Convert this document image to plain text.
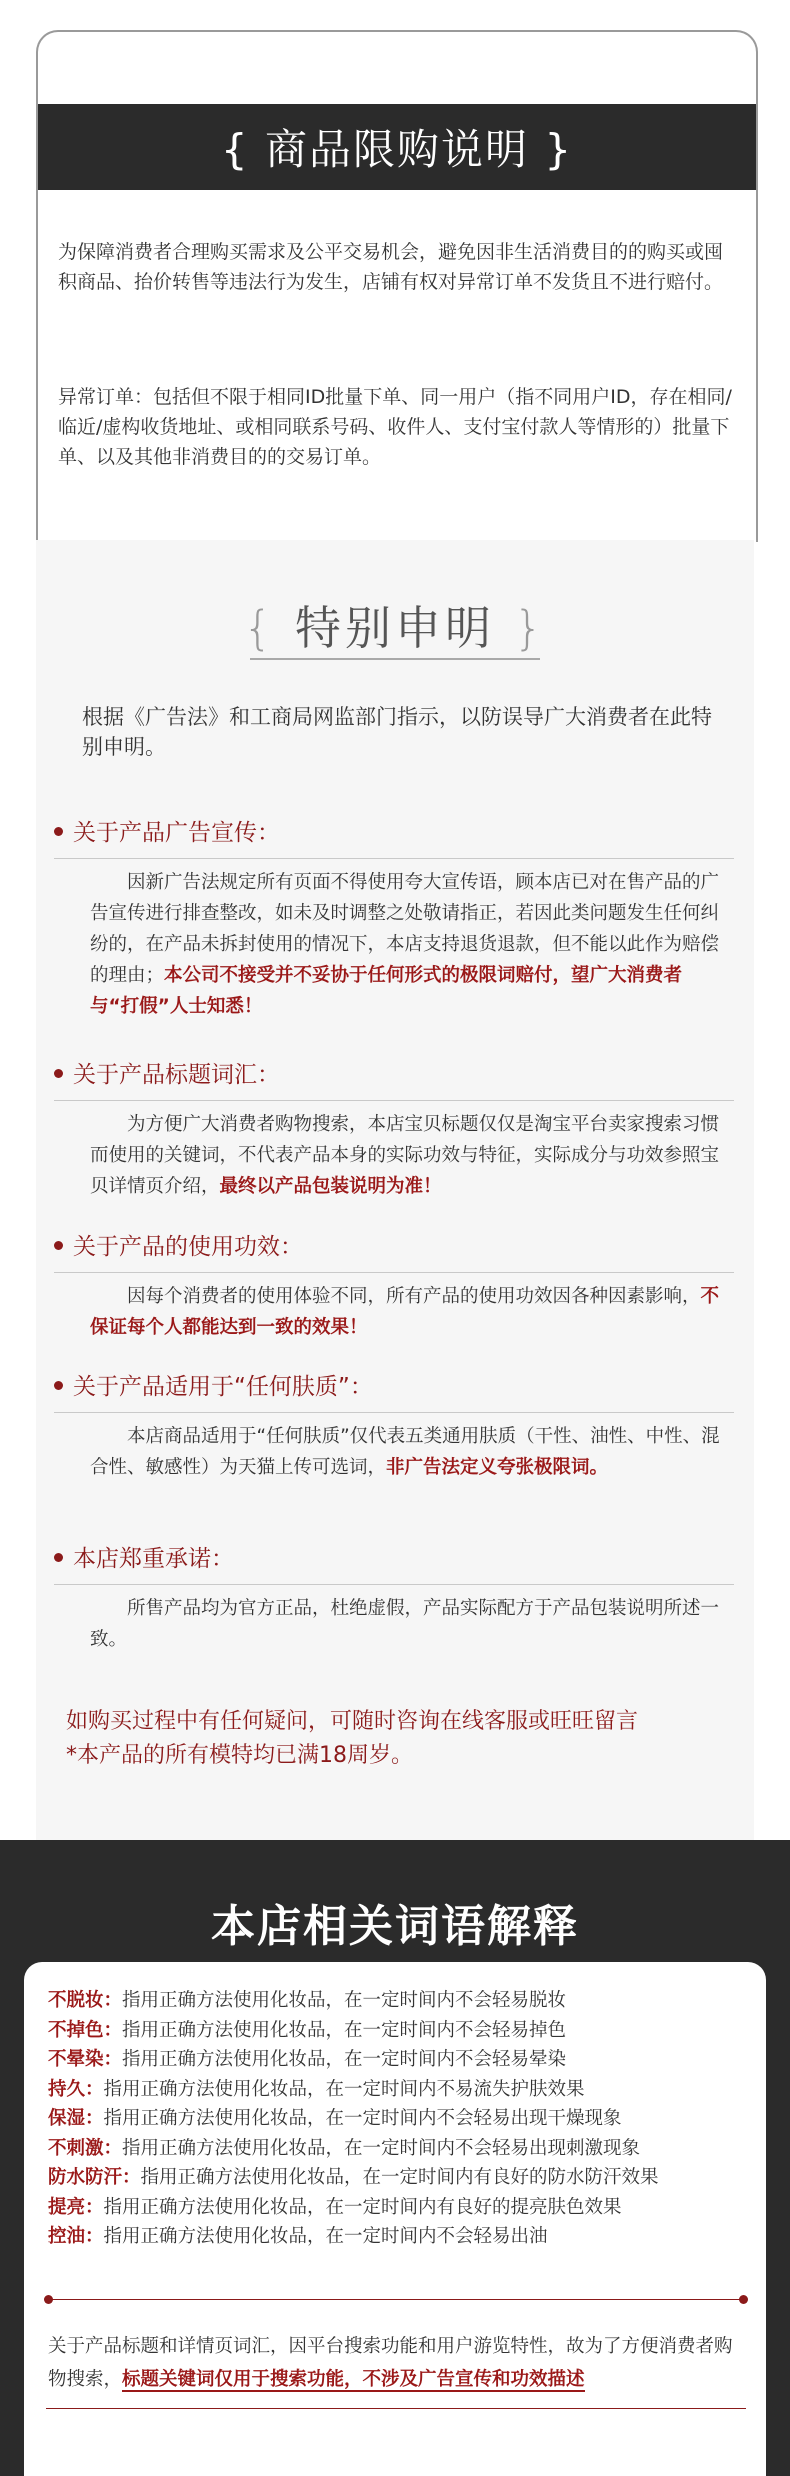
{ 商品限购说明 }
为保障消费者合理购买需求及公平交易机会，避免因非生活消费目的的购买或囤积商品、抬价转售等违法行为发生，店铺有权对异常订单不发货且不进行赔付。
异常订单：包括但不限于相同ID批量下单、同一用户（指不同用户ID，存在相同/临近/虚构收货地址、或相同联系号码、收件人、支付宝付款人等情形的）批量下单、以及其他非消费目的的交易订单。
{ 特别申明 }
根据《广告法》和工商局网监部门指示，以防误导广大消费者在此特别申明。
关于产品广告宣传：
因新广告法规定所有页面不得使用夸大宣传语，顾本店已对在售产品的广告宣传进行排查整改，如未及时调整之处敬请指正，若因此类问题发生任何纠纷的，在产品未拆封使用的情况下，本店支持退货退款，但不能以此作为赔偿的理由；本公司不接受并不妥协于任何形式的极限词赔付，望广大消费者与“打假”人士知悉！
关于产品标题词汇：
为方便广大消费者购物搜索，本店宝贝标题仅仅是淘宝平台卖家搜索习惯而使用的关键词，不代表产品本身的实际功效与特征，实际成分与功效参照宝贝详情页介绍，最终以产品包装说明为准！
关于产品的使用功效：
因每个消费者的使用体验不同，所有产品的使用功效因各种因素影响，不保证每个人都能达到一致的效果！
关于产品适用于“任何肤质”：
本店商品适用于“任何肤质”仅代表五类通用肤质（干性、油性、中性、混合性、敏感性）为天猫上传可选词，非广告法定义夸张极限词。
本店郑重承诺：
所售产品均为官方正品，杜绝虚假，产品实际配方于产品包装说明所述一致。
如购买过程中有任何疑问，可随时咨询在线客服或旺旺留言
*本产品的所有模特均已满18周岁。
本店相关词语解释
不脱妆：指用正确方法使用化妆品，在一定时间内不会轻易脱妆
不掉色：指用正确方法使用化妆品，在一定时间内不会轻易掉色
不晕染：指用正确方法使用化妆品，在一定时间内不会轻易晕染
持久：指用正确方法使用化妆品，在一定时间内不易流失护肤效果
保湿：指用正确方法使用化妆品，在一定时间内不会轻易出现干燥现象
不刺激：指用正确方法使用化妆品，在一定时间内不会轻易出现刺激现象
防水防汗：指用正确方法使用化妆品，在一定时间内有良好的防水防汗效果
提亮：指用正确方法使用化妆品，在一定时间内有良好的提亮肤色效果
控油：指用正确方法使用化妆品，在一定时间内不会轻易出油
关于产品标题和详情页词汇，因平台搜索功能和用户游览特性，故为了方便消费者购物搜索，标题关键词仅用于搜索功能，不涉及广告宣传和功效描述
